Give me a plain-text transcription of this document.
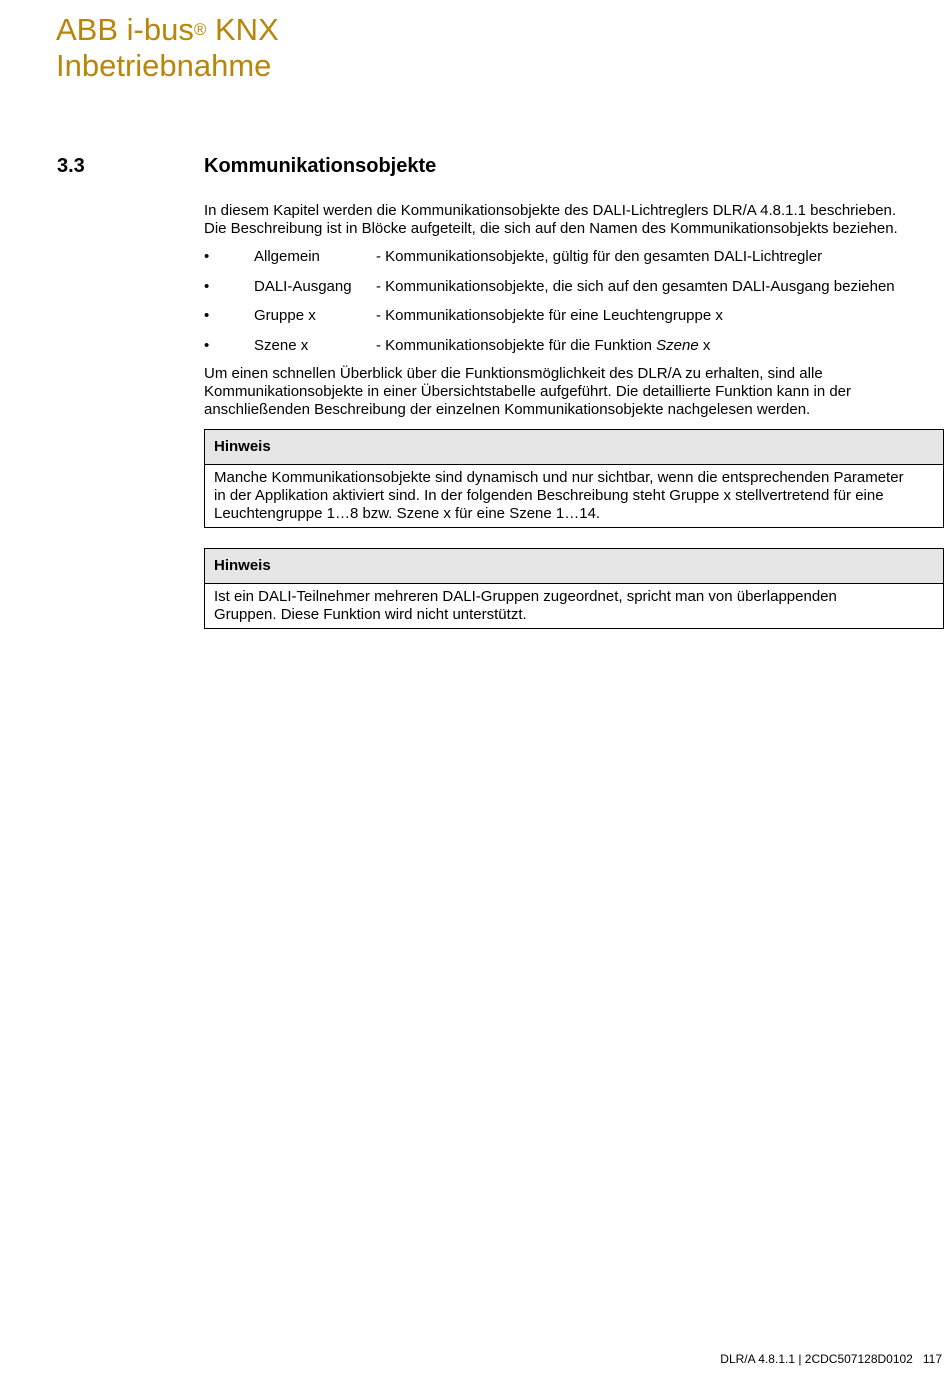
ABB i-bus® KNX
Inbetriebnahme
3.3	Kommunikationsobjekte
In diesem Kapitel werden die Kommunikationsobjekte des DALI-Lichtreglers DLR/A 4.8.1.1 beschrieben.
Die Beschreibung ist in Blöcke aufgeteilt, die sich auf den Namen des Kommunikationsobjekts beziehen.
•	Allgemein	- Kommunikationsobjekte, gültig für den gesamten DALI-Lichtregler
•	DALI-Ausgang - Kommunikationsobjekte, die sich auf den gesamten DALI-Ausgang beziehen
•	Gruppe x	- Kommunikationsobjekte für eine Leuchtengruppe x
•	Szene x	- Kommunikationsobjekte für die Funktion Szene x
Um einen schnellen Überblick über die Funktionsmöglichkeit des DLR/A zu erhalten, sind alle
Kommunikationsobjekte in einer Übersichtstabelle aufgeführt. Die detaillierte Funktion kann in der
anschließenden Beschreibung der einzelnen Kommunikationsobjekte nachgelesen werden.
Hinweis
Manche Kommunikationsobjekte sind dynamisch und nur sichtbar, wenn die entsprechenden Parameter
in der Applikation aktiviert sind. In der folgenden Beschreibung steht Gruppe x stellvertretend für eine
Leuchtengruppe 1…8 bzw. Szene x für eine Szene 1…14.
Hinweis
Ist ein DALI-Teilnehmer mehreren DALI-Gruppen zugeordnet, spricht man von überlappenden
Gruppen. Diese Funktion wird nicht unterstützt.
DLR/A 4.8.1.1 | 2CDC507128D0102   117
